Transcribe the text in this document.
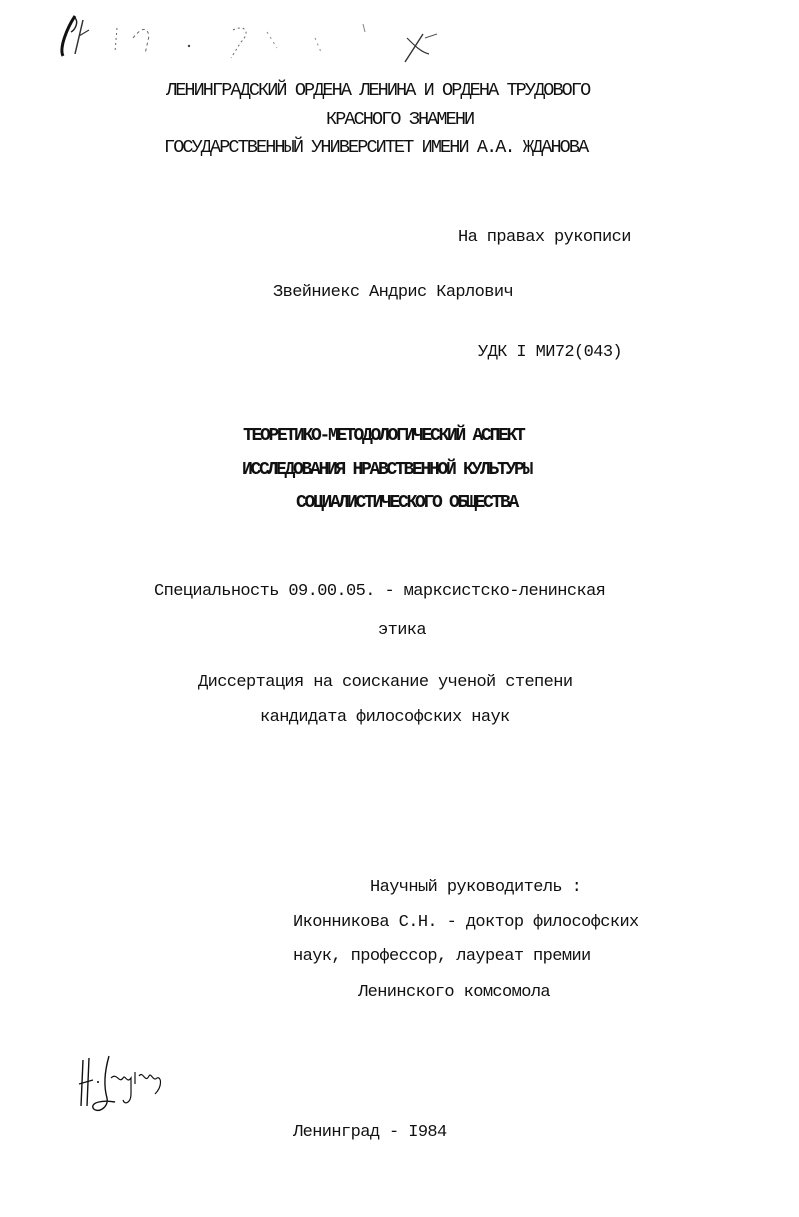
ЛЕНИНГРАДСКИЙ ОРДЕНА ЛЕНИНА И ОРДЕНА ТРУДОВОГО
КРАСНОГО ЗНАМЕНИ
ГОСУДАРСТВЕННЫЙ УНИВЕРСИТЕТ ИМЕНИ А.А. ЖДАНОВА
На правах рукописи
Звейниекс Андрис Карлович
УДК I МИ72(043)
ТЕОРЕТИКО-МЕТОДОЛОГИЧЕСКИЙ АСПЕКТ
ИССЛЕДОВАНИЯ НРАВСТВЕННОЙ КУЛЬТУРЫ
СОЦИАЛИСТИЧЕСКОГО ОБЩЕСТВА
Специальность 09.00.05. - марксистско-ленинская
этика
Диссертация на соискание ученой степени
кандидата философских наук
Научный руководитель :
Иконникова С.Н. - доктор философских
наук, профессор, лауреат премии
Ленинского комсомола
Ленинград - I984
